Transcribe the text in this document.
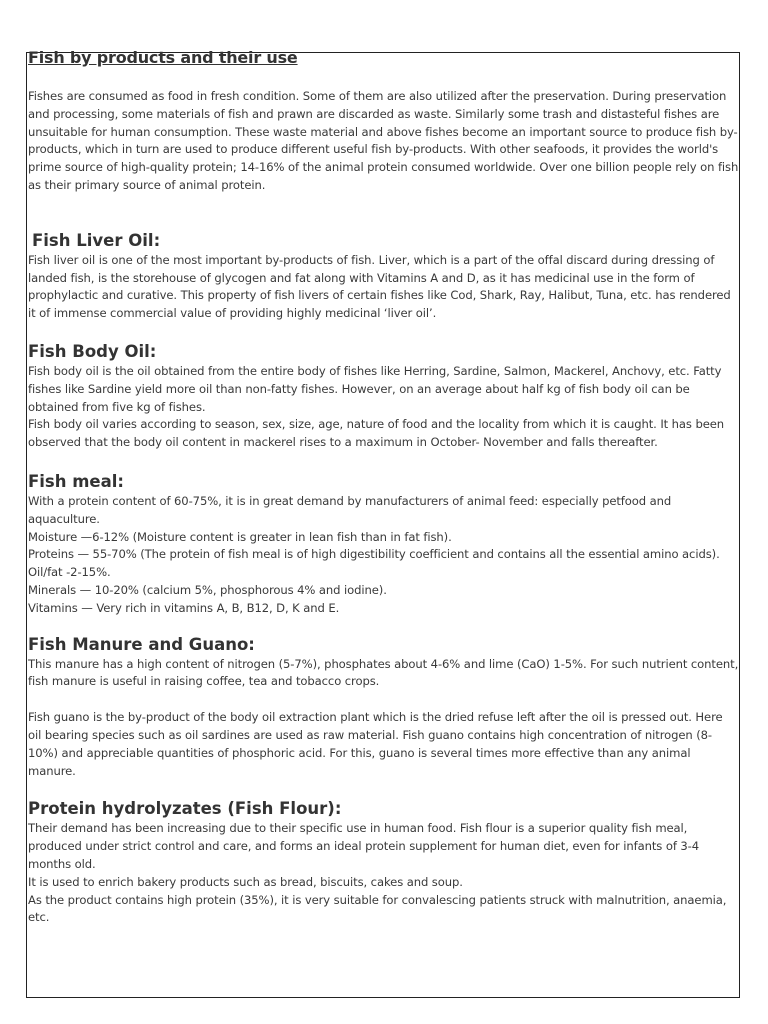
Fish by products and their use

Fishes are consumed as food in fresh condition. Some of them are also utilized after the preservation. During preservation and processing, some materials of fish and prawn are discarded as waste. Similarly some trash and distasteful fishes are unsuitable for human consumption. These waste material and above fishes become an important source to produce fish by-products, which in turn are used to produce different useful fish by-products. With other seafoods, it provides the world's prime source of high-quality protein; 14-16% of the animal protein consumed worldwide. Over one billion people rely on fish as their primary source of animal protein.

Fish Liver Oil:

Fish liver oil is one of the most important by-products of fish. Liver, which is a part of the offal discard during dressing of landed fish, is the storehouse of glycogen and fat along with Vitamins A and D, as it has medicinal use in the form of prophylactic and curative. This property of fish livers of certain fishes like Cod, Shark, Ray, Halibut, Tuna, etc. has rendered it of immense commercial value of providing highly medicinal ‘liver oil’.

Fish Body Oil:

Fish body oil is the oil obtained from the entire body of fishes like Herring, Sardine, Salmon, Mackerel, Anchovy, etc. Fatty fishes like Sardine yield more oil than non-fatty fishes. However, on an average about half kg of fish body oil can be obtained from five kg of fishes.

Fish body oil varies according to season, sex, size, age, nature of food and the locality from which it is caught. It has been observed that the body oil content in mackerel rises to a maximum in October- November and falls thereafter.

Fish meal:

With a protein content of 60-75%, it is in great demand by manufacturers of animal feed: especially petfood and aquaculture.

Moisture —6-12% (Moisture content is greater in lean fish than in fat fish).

Proteins — 55-70% (The protein of fish meal is of high digestibility coefficient and contains all the essential amino acids).

Oil/fat -2-15%.

Minerals — 10-20% (calcium 5%, phosphorous 4% and iodine).

Vitamins — Very rich in vitamins A, B, B12, D, K and E.

Fish Manure and Guano:

This manure has a high content of nitrogen (5-7%), phosphates about 4-6% and lime (CaO) 1-5%. For such nutrient content, fish manure is useful in raising coffee, tea and tobacco crops.

Fish guano is the by-product of the body oil extraction plant which is the dried refuse left after the oil is pressed out. Here oil bearing species such as oil sardines are used as raw material. Fish guano contains high concentration of nitrogen (8-10%) and appreciable quantities of phosphoric acid. For this, guano is several times more effective than any animal manure.

Protein hydrolyzates (Fish Flour):

Their demand has been increasing due to their specific use in human food. Fish flour is a superior quality fish meal, produced under strict control and care, and forms an ideal protein supplement for human diet, even for infants of 3-4 months old.

It is used to enrich bakery products such as bread, biscuits, cakes and soup.

As the product contains high protein (35%), it is very suitable for convalescing patients struck with malnutrition, anaemia, etc.
